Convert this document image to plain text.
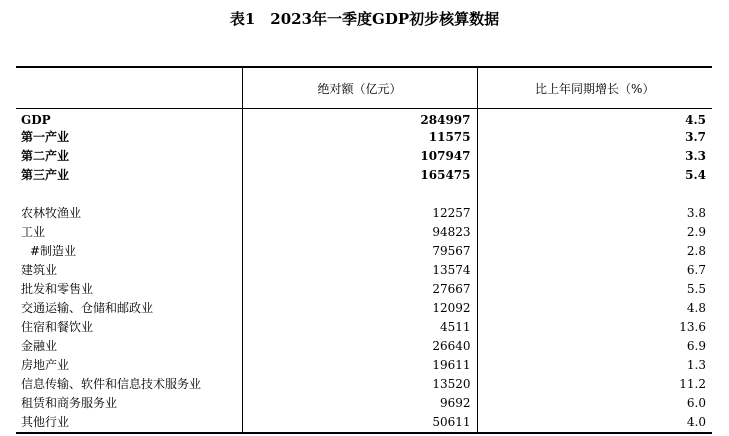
表1　2023年一季度GDP初步核算数据
	绝对额（亿元）	比上年同期增长（%）
GDP	284997	4.5
第一产业	11575	3.7
第二产业	107947	3.3
第三产业	165475	5.4

农林牧渔业	12257	3.8
工业	94823	2.9
#制造业	79567	2.8
建筑业	13574	6.7
批发和零售业	27667	5.5
交通运输、仓储和邮政业	12092	4.8
住宿和餐饮业	4511	13.6
金融业	26640	6.9
房地产业	19611	1.3
信息传输、软件和信息技术服务业	13520	11.2
租赁和商务服务业	9692	6.0
其他行业	50611	4.0
